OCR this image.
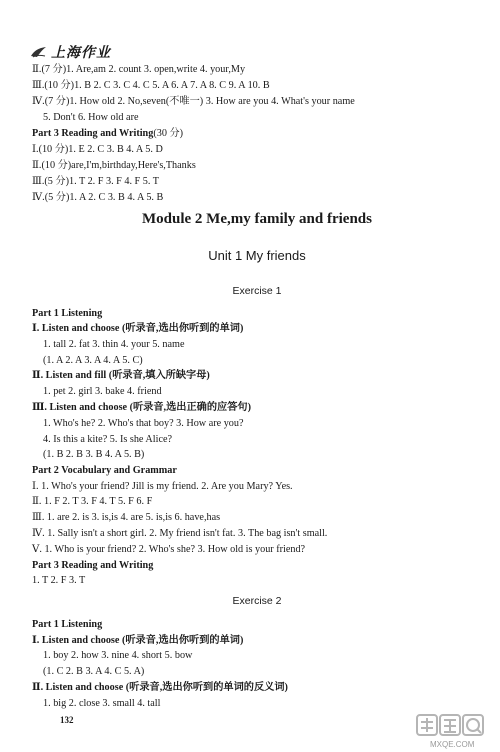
上海作业
Ⅱ.(7 分)1. Are,am 2. count 3. open,write 4. your,My
Ⅲ.(10 分)1. B 2. C 3. C 4. C 5. A 6. A 7. A 8. C 9. A 10. B
Ⅳ.(7 分)1. How old 2. No,seven(不唯一) 3. How are you 4. What's your name
5. Don't 6. How old are
Part 3 Reading and Writing(30 分)
Ⅰ.(10 分)1. E 2. C 3. B 4. A 5. D
Ⅱ.(10 分)are,I'm,birthday,Here's,Thanks
Ⅲ.(5 分)1. T 2. F 3. F 4. F 5. T
Ⅳ.(5 分)1. A 2. C 3. B 4. A 5. B
Module 2 Me,my family and friends
Unit 1 My friends
Exercise 1
Part 1 Listening
Ⅰ. Listen and choose (听录音,选出你听到的单词)
1. tall 2. fat 3. thin 4. your 5. name
(1. A 2. A 3. A 4. A 5. C)
Ⅱ. Listen and fill (听录音,填入所缺字母)
1. pet 2. girl 3. bake 4. friend
Ⅲ. Listen and choose (听录音,选出正确的应答句)
1. Who's he? 2. Who's that boy? 3. How are you?
4. Is this a kite? 5. Is she Alice?
(1. B 2. B 3. B 4. A 5. B)
Part 2 Vocabulary and Grammar
Ⅰ. 1. Who's your friend? Jill is my friend. 2. Are you Mary? Yes.
Ⅱ. 1. F 2. T 3. F 4. T 5. F 6. F
Ⅲ. 1. are 2. is 3. is,is 4. are 5. is,is 6. have,has
Ⅳ. 1. Sally isn't a short girl. 2. My friend isn't fat. 3. The bag isn't small.
Ⅴ. 1. Who is your friend? 2. Who's she? 3. How old is your friend?
Part 3 Reading and Writing
1. T 2. F 3. T
Exercise 2
Part 1 Listening
Ⅰ. Listen and choose (听录音,选出你听到的单词)
1. boy 2. how 3. nine 4. short 5. bow
(1. C 2. B 3. A 4. C 5. A)
Ⅱ. Listen and choose (听录音,选出你听到的单词的反义词)
1. big 2. close 3. small 4. tall
132
MXQE.COM
